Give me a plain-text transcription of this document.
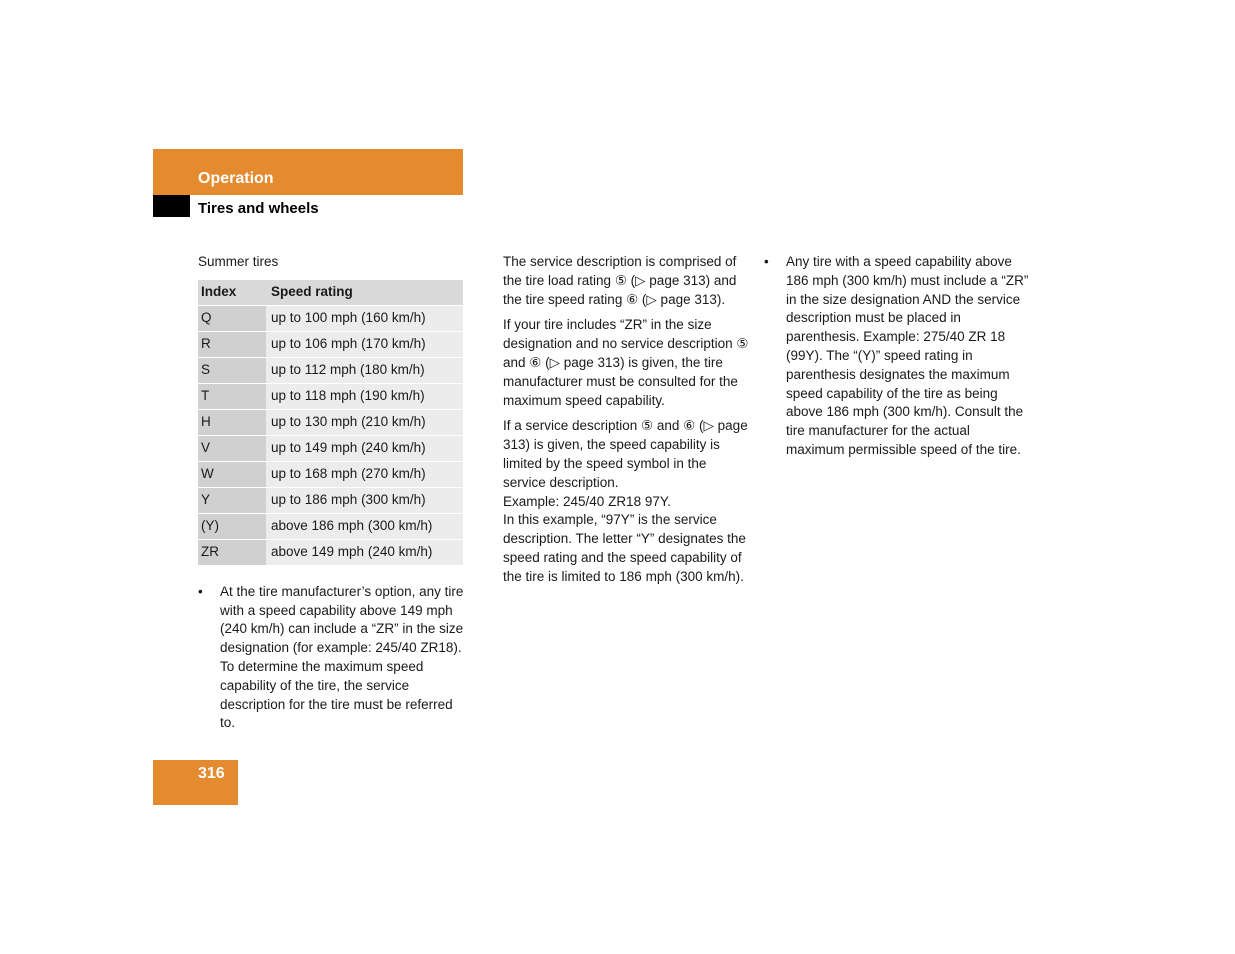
Operation
Tires and wheels

Summer tires

Index	Speed rating
Q	up to 100 mph (160 km/h)
R	up to 106 mph (170 km/h)
S	up to 112 mph (180 km/h)
T	up to 118 mph (190 km/h)
H	up to 130 mph (210 km/h)
V	up to 149 mph (240 km/h)
W	up to 168 mph (270 km/h)
Y	up to 186 mph (300 km/h)
(Y)	above 186 mph (300 km/h)
ZR	above 149 mph (240 km/h)
•	At the tire manufacturer’s option, any tire with a speed capability above 149 mph (240 km/h) can include a “ZR” in the size designation (for example: 245/40 ZR18). To determine the maximum speed capability of the tire, the service description for the tire must be referred to.

The service description is comprised of the tire load rating ⑤ (▷ page 313) and the tire speed rating ⑥ (▷ page 313).

If your tire includes “ZR” in the size designation and no service description ⑤ and ⑥ (▷ page 313) is given, the tire manufacturer must be consulted for the maximum speed capability.

If a service description ⑤ and ⑥ (▷ page 313) is given, the speed capability is limited by the speed symbol in the service description.
Example: 245/40 ZR18 97Y.
In this example, “97Y” is the service description. The letter “Y” designates the speed rating and the speed capability of the tire is limited to 186 mph (300 km/h).

•	Any tire with a speed capability above 186 mph (300 km/h) must include a “ZR” in the size designation AND the service description must be placed in parenthesis. Example: 275/40 ZR 18 (99Y). The “(Y)” speed rating in parenthesis designates the maximum speed capability of the tire as being above 186 mph (300 km/h). Consult the tire manufacturer for the actual maximum permissible speed of the tire.
316
